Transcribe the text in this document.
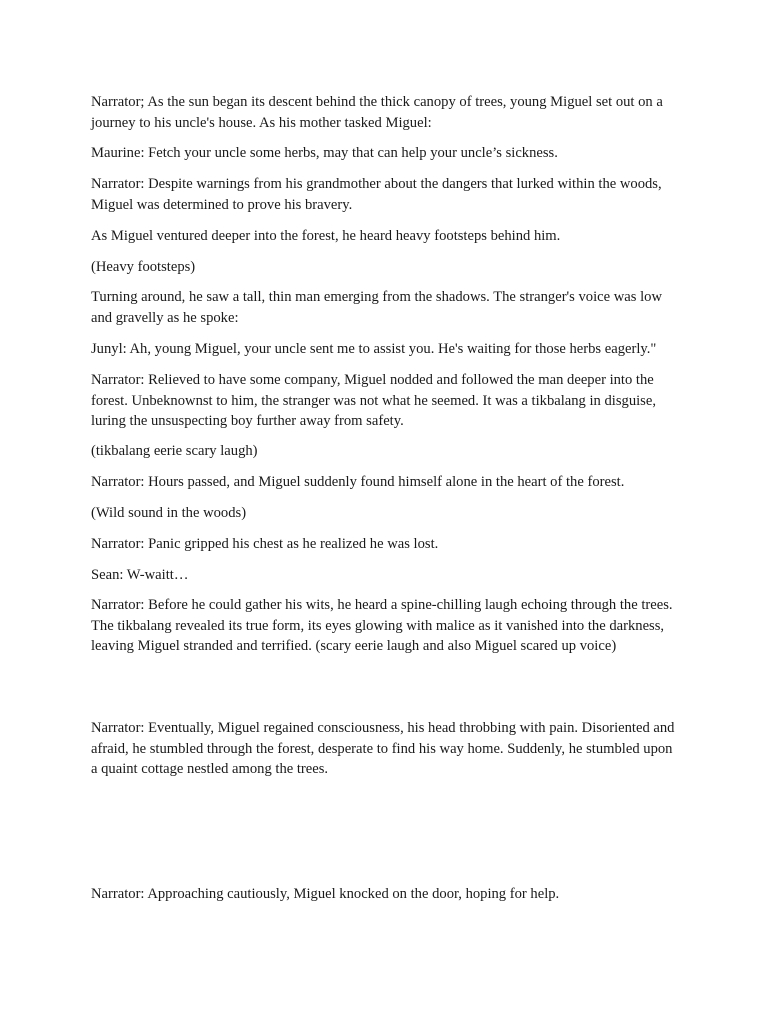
Narrator; As the sun began its descent behind the thick canopy of trees, young Miguel set out on a journey to his uncle's house. As his mother tasked Miguel:

Maurine: Fetch your uncle some herbs, may that can help your uncle’s sickness.

Narrator: Despite warnings from his grandmother about the dangers that lurked within the woods, Miguel was determined to prove his bravery.

As Miguel ventured deeper into the forest, he heard heavy footsteps behind him.

(Heavy footsteps)

Turning around, he saw a tall, thin man emerging from the shadows. The stranger's voice was low and gravelly as he spoke:

Junyl: Ah, young Miguel, your uncle sent me to assist you. He's waiting for those herbs eagerly."

Narrator: Relieved to have some company, Miguel nodded and followed the man deeper into the forest. Unbeknownst to him, the stranger was not what he seemed. It was a tikbalang in disguise, luring the unsuspecting boy further away from safety.

(tikbalang eerie scary laugh)

Narrator: Hours passed, and Miguel suddenly found himself alone in the heart of the forest.

(Wild sound in the woods)

Narrator: Panic gripped his chest as he realized he was lost.

Sean: W-waitt…

Narrator: Before he could gather his wits, he heard a spine-chilling laugh echoing through the trees. The tikbalang revealed its true form, its eyes glowing with malice as it vanished into the darkness, leaving Miguel stranded and terrified. (scary eerie laugh and also Miguel scared up voice)

Narrator: Eventually, Miguel regained consciousness, his head throbbing with pain. Disoriented and afraid, he stumbled through the forest, desperate to find his way home. Suddenly, he stumbled upon a quaint cottage nestled among the trees.

Narrator: Approaching cautiously, Miguel knocked on the door, hoping for help.
